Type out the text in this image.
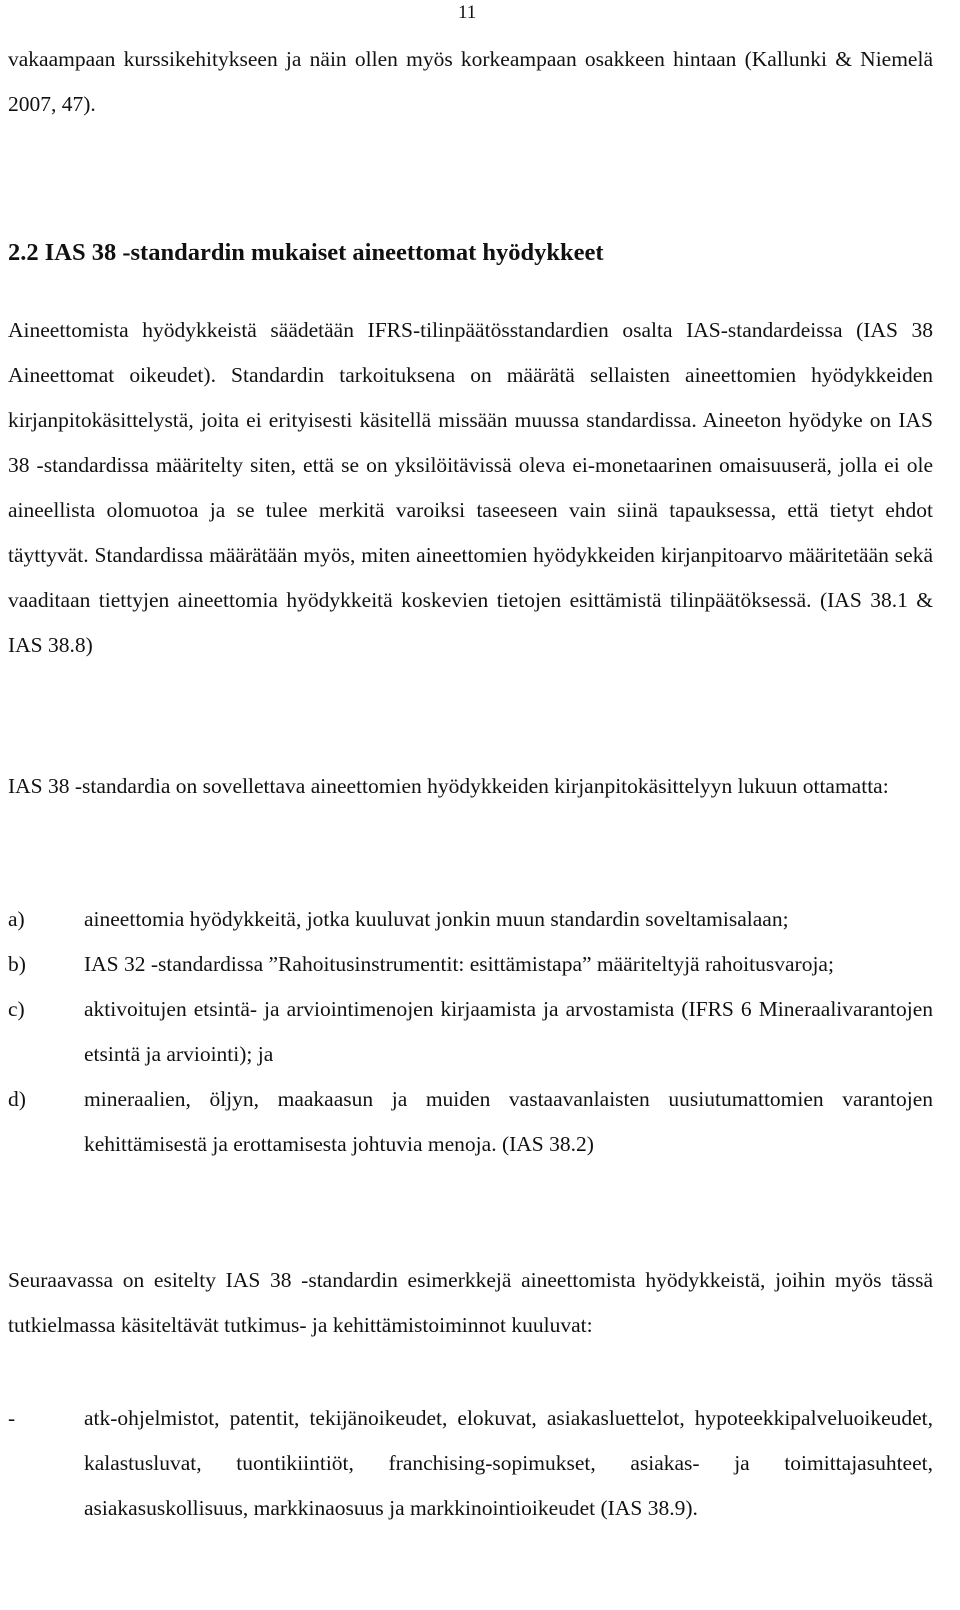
11

vakaampaan kurssikehitykseen ja näin ollen myös korkeampaan osakkeen hintaan (Kallunki & Niemelä 2007, 47).

2.2 IAS 38 -standardin mukaiset aineettomat hyödykkeet

Aineettomista hyödykkeistä säädetään IFRS-tilinpäätösstandardien osalta IAS-standardeissa (IAS 38 Aineettomat oikeudet). Standardin tarkoituksena on määrätä sellaisten aineettomien hyödykkeiden kirjanpitokäsittelystä, joita ei erityisesti käsitellä missään muussa standardissa. Aineeton hyödyke on IAS 38 -standardissa määritelty siten, että se on yksilöitävissä oleva ei-monetaarinen omaisuuserä, jolla ei ole aineellista olomuotoa ja se tulee merkitä varoiksi taseeseen vain siinä tapauksessa, että tietyt ehdot täyttyvät. Standardissa määrätään myös, miten aineettomien hyödykkeiden kirjanpitoarvo määritetään sekä vaaditaan tiettyjen aineettomia hyödykkeitä koskevien tietojen esittämistä tilinpäätöksessä. (IAS 38.1 & IAS 38.8)

IAS 38 -standardia on sovellettava aineettomien hyödykkeiden kirjanpitokäsittelyyn lukuun ottamatta:

a)	aineettomia hyödykkeitä, jotka kuuluvat jonkin muun standardin soveltamisalaan;
b)	IAS 32 -standardissa ”Rahoitusinstrumentit: esittämistapa” määriteltyjä rahoitusvaroja;
c)	aktivoitujen etsintä- ja arviointimenojen kirjaamista ja arvostamista (IFRS 6 Mineraalivarantojen etsintä ja arviointi); ja
d)	mineraalien, öljyn, maakaasun ja muiden vastaavanlaisten uusiutumattomien varantojen kehittämisestä ja erottamisesta johtuvia menoja. (IAS 38.2)

Seuraavassa on esitelty IAS 38 -standardin esimerkkejä aineettomista hyödykkeistä, joihin myös tässä tutkielmassa käsiteltävät tutkimus- ja kehittämistoiminnot kuuluvat:

-	atk-ohjelmistot, patentit, tekijänoikeudet, elokuvat, asiakasluettelot, hypoteekkipalveluoikeudet, kalastusluvat, tuontikiintiöt, franchising-sopimukset, asiakas- ja toimittajasuhteet, asiakasuskollisuus, markkinaosuus ja markkinointioikeudet (IAS 38.9).
